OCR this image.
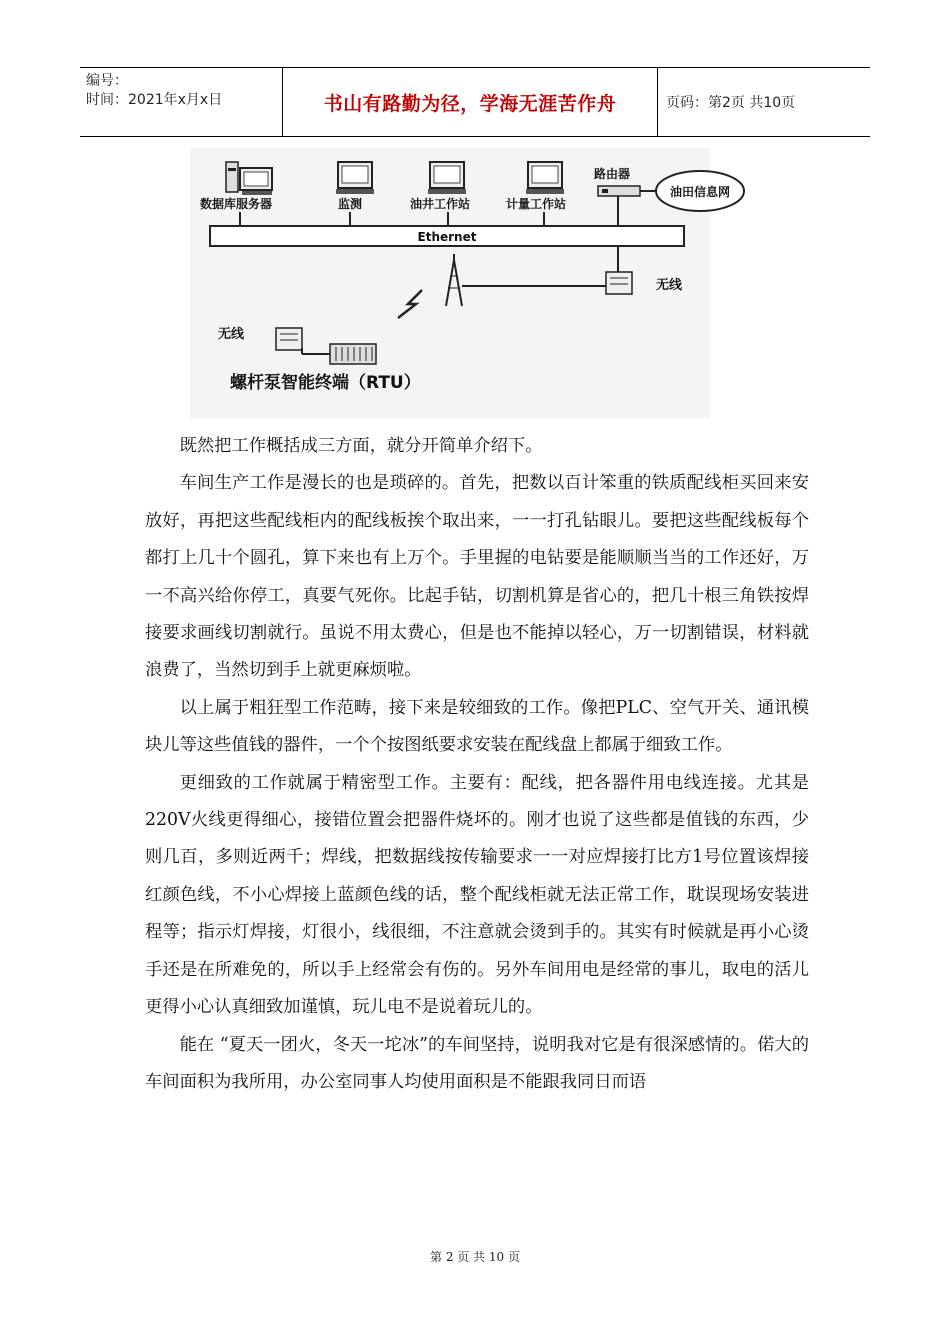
编号：
时间：2021年x月x日	书山有路勤为径，学海无涯苦作舟	页码：第2页 共10页
数据库服务器	监测	油井工作站	计量工作站
路由器
油田信息网
Ethernet
无线
无线
螺杆泵智能终端（RTU）

既然把工作概括成三方面，就分开简单介绍下。

车间生产工作是漫长的也是琐碎的。首先，把数以百计笨重的铁质配线柜买回来安放好，再把这些配线柜内的配线板挨个取出来，一一打孔钻眼儿。要把这些配线板每个都打上几十个圆孔，算下来也有上万个。手里握的电钻要是能顺顺当当的工作还好，万一不高兴给你停工，真要气死你。比起手钻，切割机算是省心的，把几十根三角铁按焊接要求画线切割就行。虽说不用太费心，但是也不能掉以轻心，万一切割错误，材料就浪费了，当然切到手上就更麻烦啦。

以上属于粗狂型工作范畴，接下来是较细致的工作。像把PLC、空气开关、通讯模块儿等这些值钱的器件，一个个按图纸要求安装在配线盘上都属于细致工作。

更细致的工作就属于精密型工作。主要有：配线，把各器件用电线连接。尤其是220V火线更得细心，接错位置会把器件烧坏的。刚才也说了这些都是值钱的东西，少则几百，多则近两千；焊线，把数据线按传输要求一一对应焊接打比方1号位置该焊接红颜色线，不小心焊接上蓝颜色线的话，整个配线柜就无法正常工作，耽误现场安装进程等；指示灯焊接，灯很小，线很细，不注意就会烫到手的。其实有时候就是再小心烫手还是在所难免的，所以手上经常会有伤的。另外车间用电是经常的事儿，取电的活儿更得小心认真细致加谨慎，玩儿电不是说着玩儿的。

能在 “夏天一团火，冬天一坨冰”的车间坚持，说明我对它是有很深感情的。偌大的车间面积为我所用，办公室同事人均使用面积是不能跟我同日而语

第 2 页 共 10 页
